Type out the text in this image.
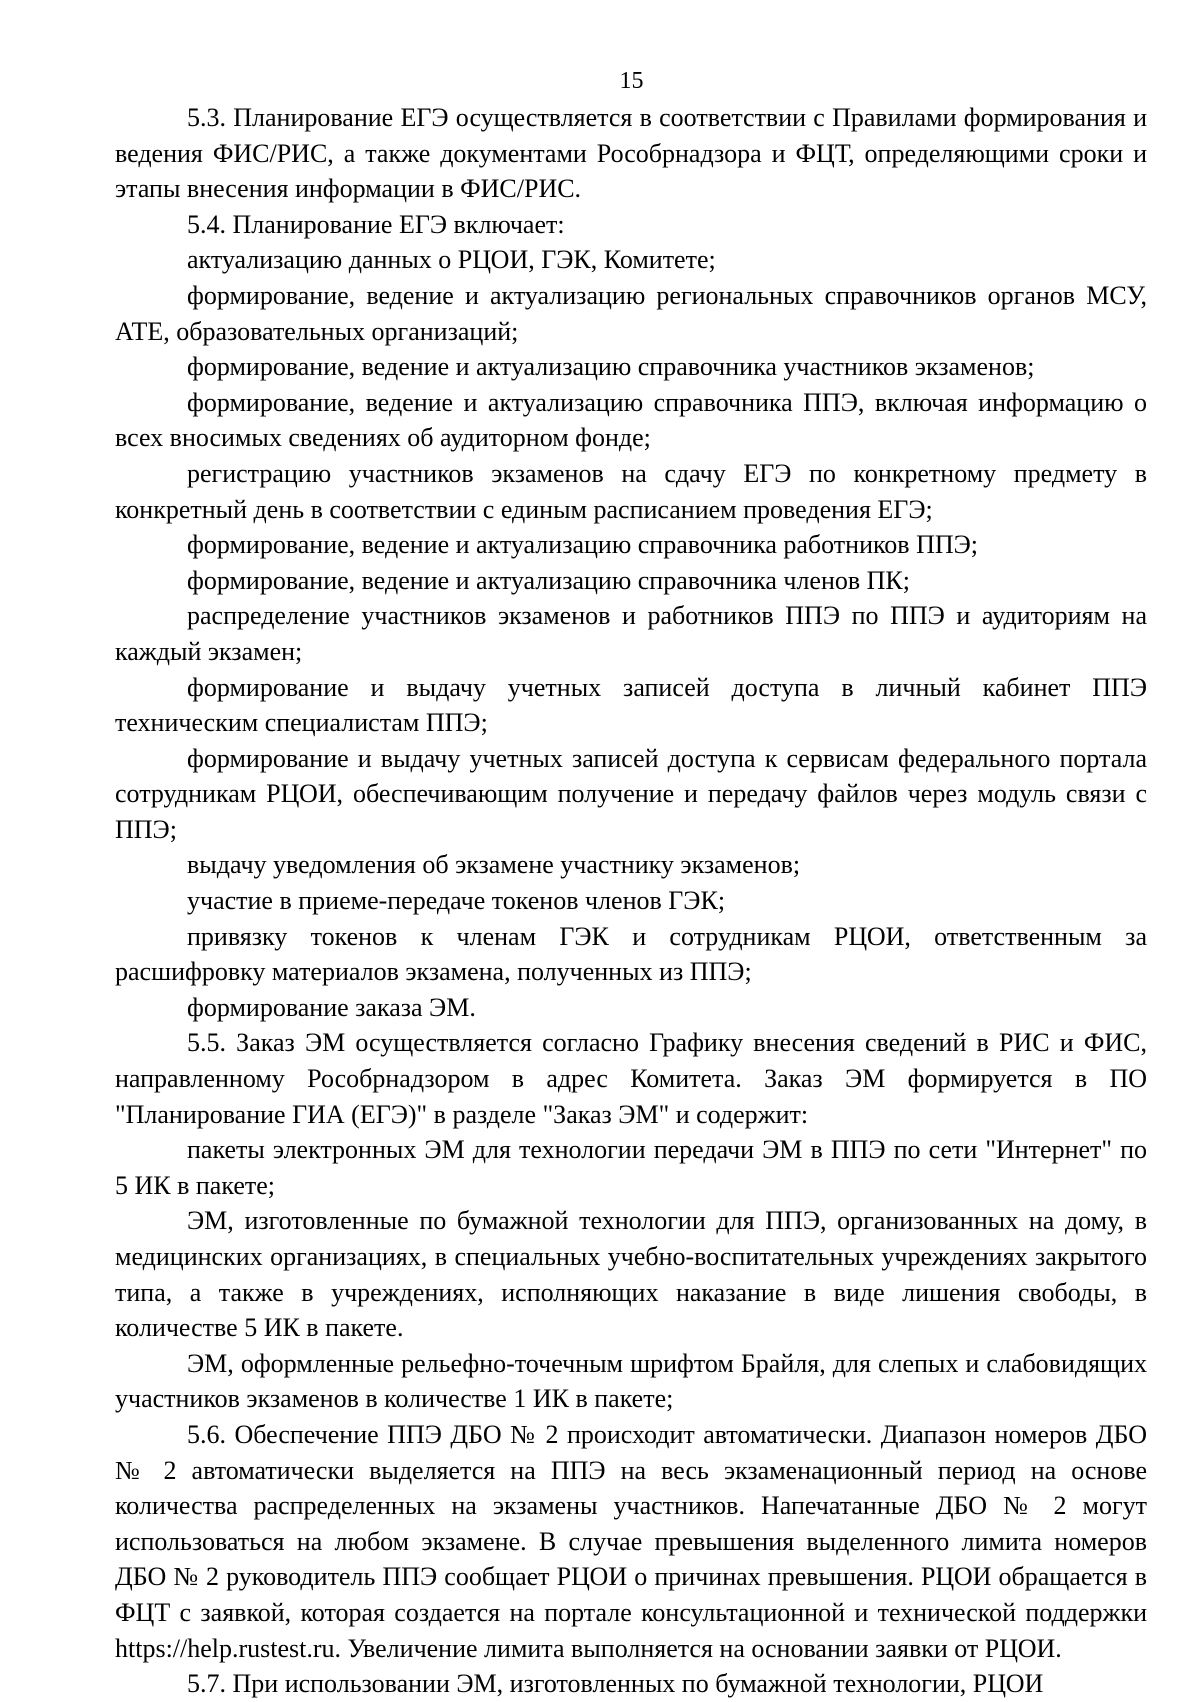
15

5.3. Планирование ЕГЭ осуществляется в соответствии с Правилами формирования и ведения ФИС/РИС, а также документами Рособрнадзора и ФЦТ, определяющими сроки и этапы внесения информации в ФИС/РИС.

5.4. Планирование ЕГЭ включает:

актуализацию данных о РЦОИ, ГЭК, Комитете;

формирование, ведение и актуализацию региональных справочников органов МСУ, АТЕ, образовательных организаций;

формирование, ведение и актуализацию справочника участников экзаменов;

формирование, ведение и актуализацию справочника ППЭ, включая информацию о всех вносимых сведениях об аудиторном фонде;

регистрацию участников экзаменов на сдачу ЕГЭ по конкретному предмету в конкретный день в соответствии с единым расписанием проведения ЕГЭ;

формирование, ведение и актуализацию справочника работников ППЭ;

формирование, ведение и актуализацию справочника членов ПК;

распределение участников экзаменов и работников ППЭ по ППЭ и аудиториям на каждый экзамен;

формирование и выдачу учетных записей доступа в личный кабинет ППЭ техническим специалистам ППЭ;

формирование и выдачу учетных записей доступа к сервисам федерального портала сотрудникам РЦОИ, обеспечивающим получение и передачу файлов через модуль связи с ППЭ;

выдачу уведомления об экзамене участнику экзаменов;

участие в приеме-передаче токенов членов ГЭК;

привязку токенов к членам ГЭК и сотрудникам РЦОИ, ответственным за расшифровку материалов экзамена, полученных из ППЭ;

формирование заказа ЭМ.

5.5. Заказ ЭМ осуществляется согласно Графику внесения сведений в РИС и ФИС, направленному Рособрнадзором в адрес Комитета. Заказ ЭМ формируется в ПО "Планирование ГИА (ЕГЭ)" в разделе "Заказ ЭМ" и содержит:

пакеты электронных ЭМ для технологии передачи ЭМ в ППЭ по сети "Интернет" по 5 ИК в пакете;

ЭМ, изготовленные по бумажной технологии для ППЭ, организованных на дому, в медицинских организациях, в специальных учебно-воспитательных учреждениях закрытого типа, а также в учреждениях, исполняющих наказание в виде лишения свободы, в количестве 5 ИК в пакете.

ЭМ, оформленные рельефно-точечным шрифтом Брайля, для слепых и слабовидящих участников экзаменов в количестве 1 ИК в пакете;

5.6. Обеспечение ППЭ ДБО № 2 происходит автоматически. Диапазон номеров ДБО № 2 автоматически выделяется на ППЭ на весь экзаменационный период на основе количества распределенных на экзамены участников. Напечатанные ДБО № 2 могут использоваться на любом экзамене. В случае превышения выделенного лимита номеров ДБО № 2 руководитель ППЭ сообщает РЦОИ о причинах превышения. РЦОИ обращается в ФЦТ с заявкой, которая создается на портале консультационной и технической поддержки https://help.rustest.ru. Увеличение лимита выполняется на основании заявки от РЦОИ.

5.7. При использовании ЭМ, изготовленных по бумажной технологии, РЦОИ
